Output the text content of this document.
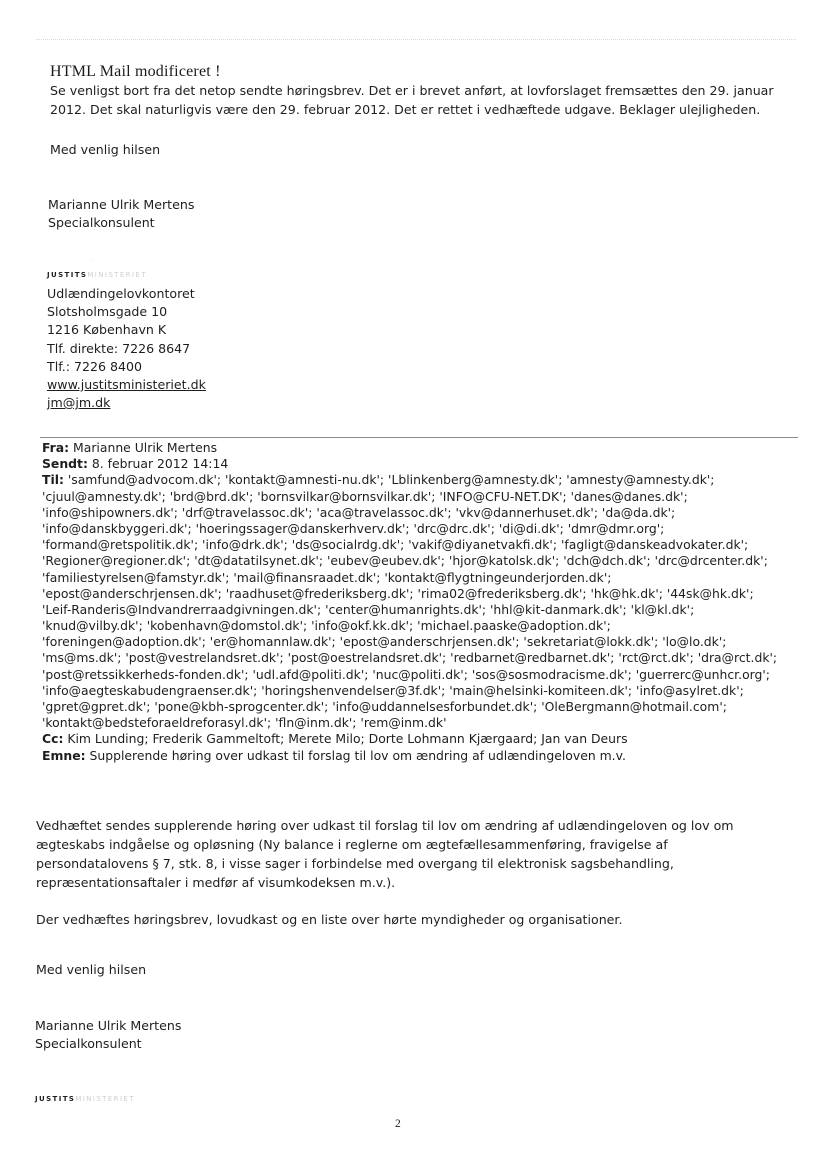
HTML Mail modificeret !
Se venligst bort fra det netop sendte høringsbrev. Det er i brevet anført, at lovforslaget fremsættes den 29. januar
2012. Det skal naturligvis være den 29. februar 2012. Det er rettet i vedhæftede udgave. Beklager ulejligheden.
Med venlig hilsen
Marianne Ulrik Mertens
Specialkonsulent
·
JUSTITSMINISTERIET
Udlændingelovkontoret
Slotsholmsgade 10
1216 København K
Tlf. direkte: 7226 8647
Tlf.: 7226 8400
www.justitsministeriet.dk
jm@jm.dk
Fra: Marianne Ulrik Mertens
Sendt: 8. februar 2012 14:14
Til: 'samfund@advocom.dk'; 'kontakt@amnesti-nu.dk'; 'Lblinkenberg@amnesty.dk'; 'amnesty@amnesty.dk';
'cjuul@amnesty.dk'; 'brd@brd.dk'; 'bornsvilkar@bornsvilkar.dk'; 'INFO@CFU-NET.DK'; 'danes@danes.dk';
'info@shipowners.dk'; 'drf@travelassoc.dk'; 'aca@travelassoc.dk'; 'vkv@dannerhuset.dk'; 'da@da.dk';
'info@danskbyggeri.dk'; 'hoeringssager@danskerhverv.dk'; 'drc@drc.dk'; 'di@di.dk'; 'dmr@dmr.org';
'formand@retspolitik.dk'; 'info@drk.dk'; 'ds@socialrdg.dk'; 'vakif@diyanetvakfi.dk'; 'fagligt@danskeadvokater.dk';
'Regioner@regioner.dk'; 'dt@datatilsynet.dk'; 'eubev@eubev.dk'; 'hjor@katolsk.dk'; 'dch@dch.dk'; 'drc@drcenter.dk';
'familiestyrelsen@famstyr.dk'; 'mail@finansraadet.dk'; 'kontakt@flygtningeunderjorden.dk';
'epost@anderschrjensen.dk'; 'raadhuset@frederiksberg.dk'; 'rima02@frederiksberg.dk'; 'hk@hk.dk'; '44sk@hk.dk';
'Leif-Randeris@Indvandrerraadgivningen.dk'; 'center@humanrights.dk'; 'hhl@kit-danmark.dk'; 'kl@kl.dk';
'knud@vilby.dk'; 'kobenhavn@domstol.dk'; 'info@okf.kk.dk'; 'michael.paaske@adoption.dk';
'foreningen@adoption.dk'; 'er@homannlaw.dk'; 'epost@anderschrjensen.dk'; 'sekretariat@lokk.dk'; 'lo@lo.dk';
'ms@ms.dk'; 'post@vestrelandsret.dk'; 'post@oestrelandsret.dk'; 'redbarnet@redbarnet.dk'; 'rct@rct.dk'; 'dra@rct.dk';
'post@retssikkerheds-fonden.dk'; 'udl.afd@politi.dk'; 'nuc@politi.dk'; 'sos@sosmodracisme.dk'; 'guerrerc@unhcr.org';
'info@aegteskabudengraenser.dk'; 'horingshenvendelser@3f.dk'; 'main@helsinki-komiteen.dk'; 'info@asylret.dk';
'gpret@gpret.dk'; 'pone@kbh-sprogcenter.dk'; 'info@uddannelsesforbundet.dk'; 'OleBergmann@hotmail.com';
'kontakt@bedsteforaeldreforasyl.dk'; 'fln@inm.dk'; 'rem@inm.dk'
Cc: Kim Lunding; Frederik Gammeltoft; Merete Milo; Dorte Lohmann Kjærgaard; Jan van Deurs
Emne: Supplerende høring over udkast til forslag til lov om ændring af udlændingeloven m.v.
Vedhæftet sendes supplerende høring over udkast til forslag til lov om ændring af udlændingeloven og lov om
ægteskabs indgåelse og opløsning (Ny balance i reglerne om ægtefællesammenføring, fravigelse af
persondatalovens § 7, stk. 8, i visse sager i forbindelse med overgang til elektronisk sagsbehandling,
repræsentationsaftaler i medfør af visumkodeksen m.v.).
Der vedhæftes høringsbrev, lovudkast og en liste over hørte myndigheder og organisationer.
Med venlig hilsen
Marianne Ulrik Mertens
Specialkonsulent
JUSTITSMINISTERIET
2
